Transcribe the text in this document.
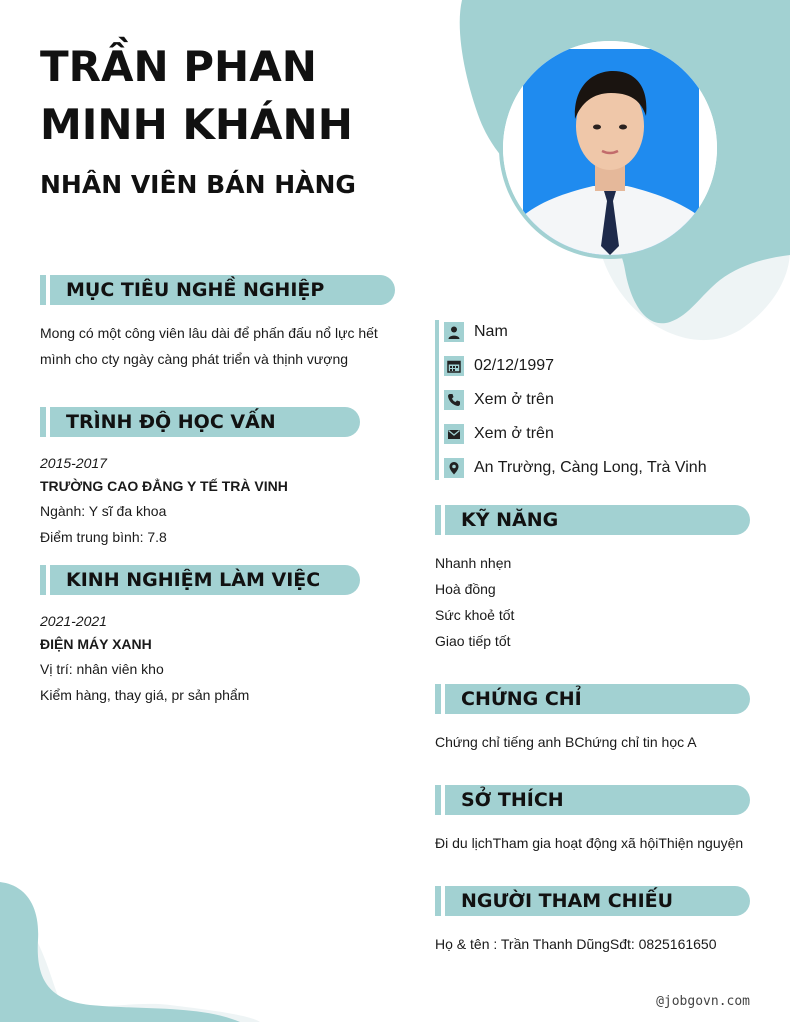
TRẦN PHAN
MINH KHÁNH
NHÂN VIÊN BÁN HÀNG
MỤC TIÊU NGHỀ NGHIỆP
Mong có một công viên lâu dài để phấn đấu nổ lực hết
mình cho cty ngày càng phát triển và thịnh vượng
TRÌNH ĐỘ HỌC VẤN
2015-2017
TRƯỜNG CAO ĐẲNG Y TẾ TRÀ VINH
Ngành: Y sĩ đa khoa
Điểm trung bình: 7.8
KINH NGHIỆM LÀM VIỆC
2021-2021
ĐIỆN MÁY XANH
Vị trí: nhân viên kho
Kiểm hàng, thay giá, pr sản phẩm
Nam
02/12/1997
Xem ở trên
Xem ở trên
An Trường, Càng Long, Trà Vinh
KỸ NĂNG
Nhanh nhẹn
Hoà đồng
Sức khoẻ tốt
Giao tiếp tốt
CHỨNG CHỈ
Chứng chỉ tiếng anh BChứng chỉ tin học A
SỞ THÍCH
Đi du lịchTham gia hoạt động xã hộiThiện nguyện
NGƯỜI THAM CHIẾU
Họ & tên : Trần Thanh DũngSđt: 0825161650
@jobgovn.com
